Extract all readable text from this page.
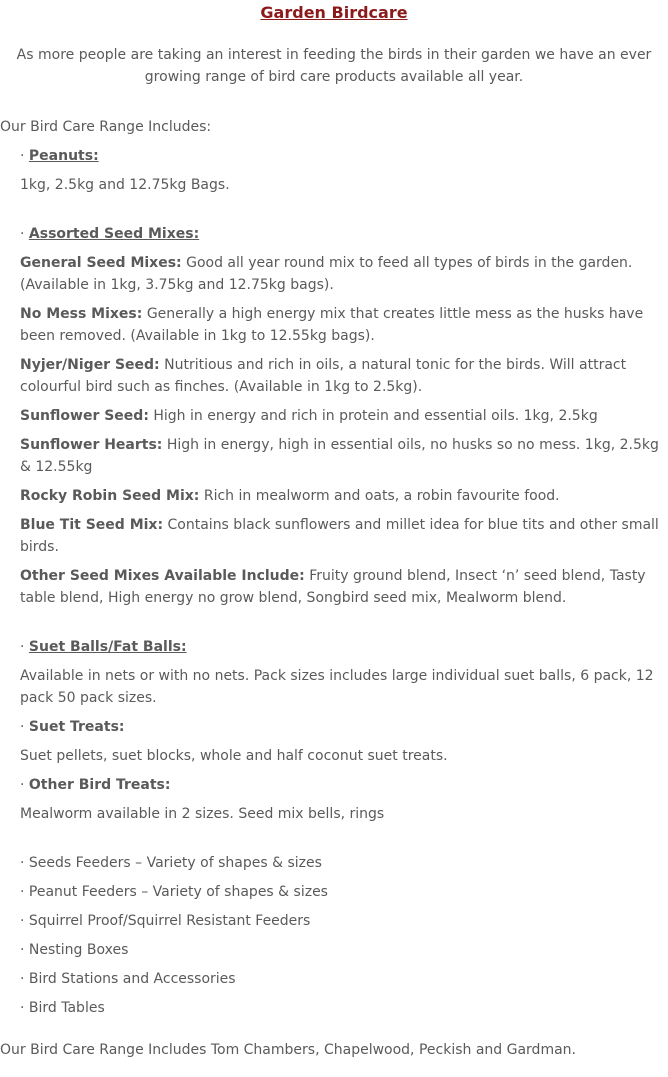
Garden Birdcare
As more people are taking an interest in feeding the birds in their garden we have an ever growing range of bird care products available all year.
Our Bird Care Range Includes:
· Peanuts:
1kg, 2.5kg and 12.75kg Bags.
· Assorted Seed Mixes:
General Seed Mixes: Good all year round mix to feed all types of birds in the garden. (Available in 1kg, 3.75kg and 12.75kg bags).
No Mess Mixes: Generally a high energy mix that creates little mess as the husks have been removed. (Available in 1kg to 12.55kg bags).
Nyjer/Niger Seed: Nutritious and rich in oils, a natural tonic for the birds. Will attract colourful bird such as finches. (Available in 1kg to 2.5kg).
Sunflower Seed: High in energy and rich in protein and essential oils. 1kg, 2.5kg
Sunflower Hearts: High in energy, high in essential oils, no husks so no mess. 1kg, 2.5kg & 12.55kg
Rocky Robin Seed Mix: Rich in mealworm and oats, a robin favourite food.
Blue Tit Seed Mix: Contains black sunflowers and millet idea for blue tits and other small birds.
Other Seed Mixes Available Include: Fruity ground blend, Insect ‘n’ seed blend, Tasty table blend, High energy no grow blend, Songbird seed mix, Mealworm blend.
· Suet Balls/Fat Balls:
Available in nets or with no nets. Pack sizes includes large individual suet balls, 6 pack, 12 pack 50 pack sizes.
· Suet Treats:
Suet pellets, suet blocks, whole and half coconut suet treats.
· Other Bird Treats:
Mealworm available in 2 sizes. Seed mix bells, rings
· Seeds Feeders – Variety of shapes & sizes
· Peanut Feeders – Variety of shapes & sizes
· Squirrel Proof/Squirrel Resistant Feeders
· Nesting Boxes
· Bird Stations and Accessories
· Bird Tables
Our Bird Care Range Includes Tom Chambers, Chapelwood, Peckish and Gardman.
